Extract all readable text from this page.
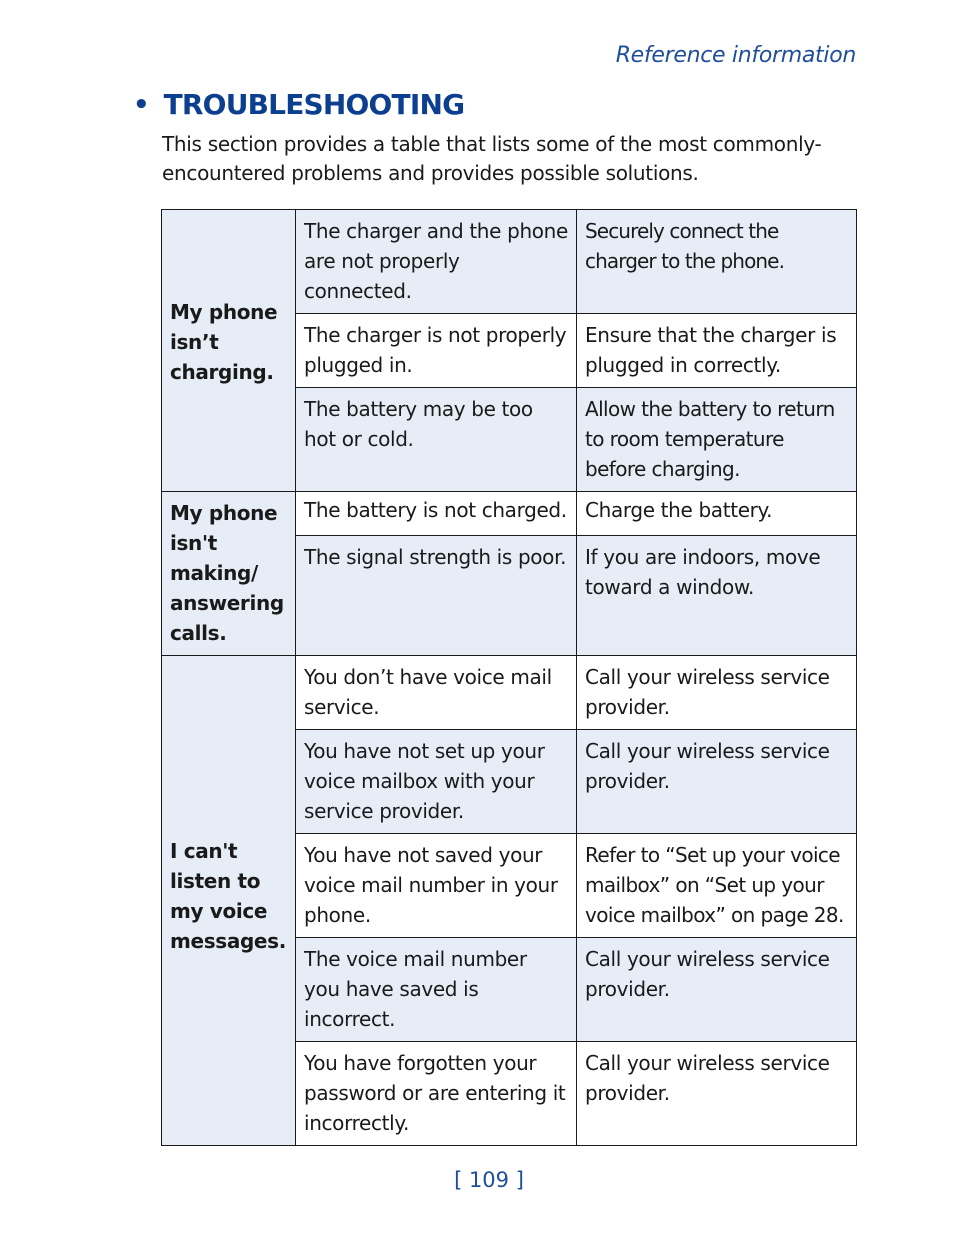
Reference information
• TROUBLESHOOTING

This section provides a table that lists some of the most commonly-encountered problems and provides possible solutions.

My phone isn’t charging.	The charger and the phone are not properly connected.	Securely connect the charger to the phone.
	The charger is not properly plugged in.	Ensure that the charger is plugged in correctly.
	The battery may be too hot or cold.	Allow the battery to return to room temperature before charging.
My phone isn't making/ answering calls.	The battery is not charged.	Charge the battery.
	The signal strength is poor.	If you are indoors, move toward a window.
I can't listen to my voice messages.	You don’t have voice mail service.	Call your wireless service provider.
	You have not set up your voice mailbox with your service provider.	Call your wireless service provider.
	You have not saved your voice mail number in your phone.	Refer to “Set up your voice mailbox” on “Set up your voice mailbox” on page 28.
	The voice mail number you have saved is incorrect.	Call your wireless service provider.
	You have forgotten your password or are entering it incorrectly.	Call your wireless service provider.
[ 109 ]
